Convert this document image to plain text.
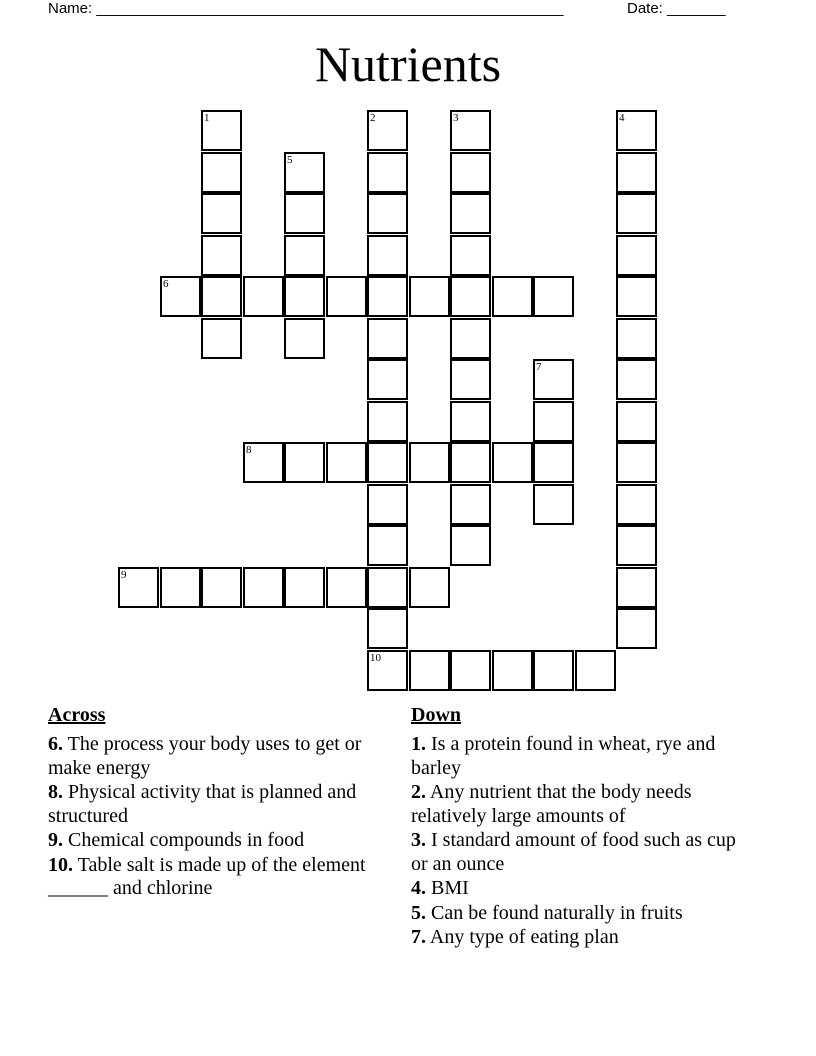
Name: ________________________________________________________	Date: _______
Nutrients
1
5
2	3
7
4
6
8
9
10
Across
6. The process your body uses to get or make energy
8. Physical activity that is planned and structured
9. Chemical compounds in food
10. Table salt is made up of the element ______ and chlorine
Down
1. Is a protein found in wheat, rye and barley
2. Any nutrient that the body needs relatively large amounts of
3. I standard amount of food such as cup or an ounce
4. BMI
5. Can be found naturally in fruits
7. Any type of eating plan
